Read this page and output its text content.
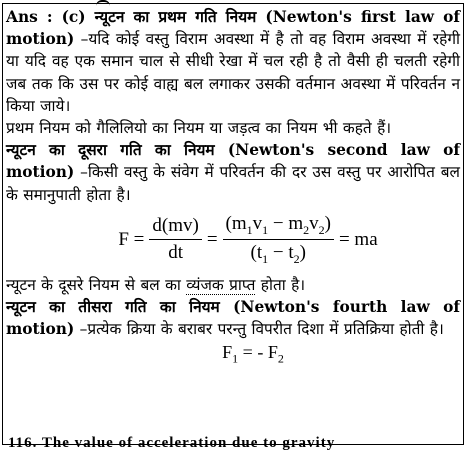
Ans : (c) न्यूटन का प्रथम गति नियम (Newton's first law of motion) –यदि कोई वस्तु विराम अवस्था में है तो वह विराम अवस्था में रहेगी या यदि वह एक समान चाल से सीधी रेखा में चल रही है तो वैसी ही चलती रहेगी जब तक कि उस पर कोई वाह्य बल लगाकर उसकी वर्तमान अवस्था में परिवर्तन न किया जाये।

प्रथम नियम को गैलिलियो का नियम या जड़त्व का नियम भी कहते हैं।

न्यूटन का दूसरा गति का नियम (Newton's second law of motion) –किसी वस्तु के संवेग में परिवर्तन की दर उस वस्तु पर आरोपित बल के समानुपाती होता है।

$F = \frac{d(mv)}{dt} = \frac{(m_1v_1 - m_2v_2)}{(t_1 - t_2)}$ = ma

न्यूटन के दूसरे नियम से बल का व्यंजक प्राप्त होता है।

न्यूटन का तीसरा गति का नियम (Newton's fourth law of motion) –प्रत्येक क्रिया के बराबर परन्तु विपरीत दिशा में प्रतिक्रिया होती है।

$F_1$ = - $F_2$
116. The value of acceleration due to gravity
